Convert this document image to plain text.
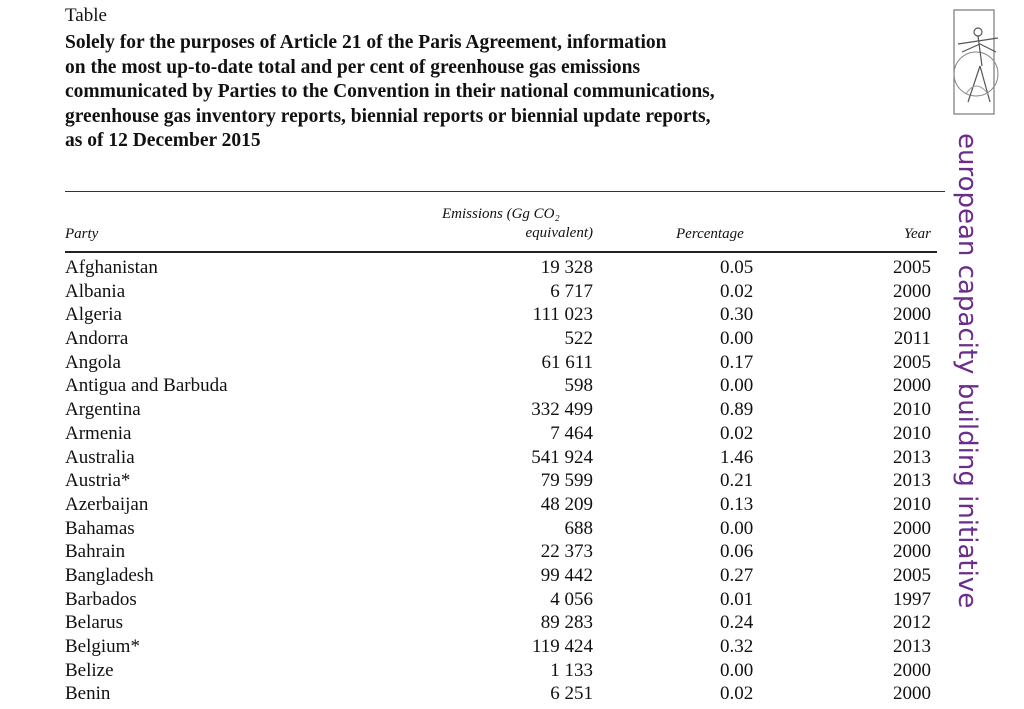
Table
Solely for the purposes of Article 21 of the Paris Agreement, information
on the most up-to-date total and per cent of greenhouse gas emissions
communicated by Parties to the Convention in their national communications,
greenhouse gas inventory reports, biennial reports or biennial update reports,
as of 12 December 2015
Party
Emissions (Gg CO₂
equivalent)	Percentage	Year
Afghanistan	19 328	0.05	2005
Albania	6 717	0.02	2000
Algeria	111 023	0.30	2000
Andorra	522	0.00	2011
Angola	61 611	0.17	2005
Antigua and Barbuda	598	0.00	2000
Argentina	332 499	0.89	2010
Armenia	7 464	0.02	2010
Australia	541 924	1.46	2013
Austria*	79 599	0.21	2013
Azerbaijan	48 209	0.13	2010
Bahamas	688	0.00	2000
Bahrain	22 373	0.06	2000
Bangladesh	99 442	0.27	2005
Barbados	4 056	0.01	1997
Belarus	89 283	0.24	2012
Belgium*	119 424	0.32	2013
Belize	1 133	0.00	2000
Benin	6 251	0.02	2000
european capacity building initiative
